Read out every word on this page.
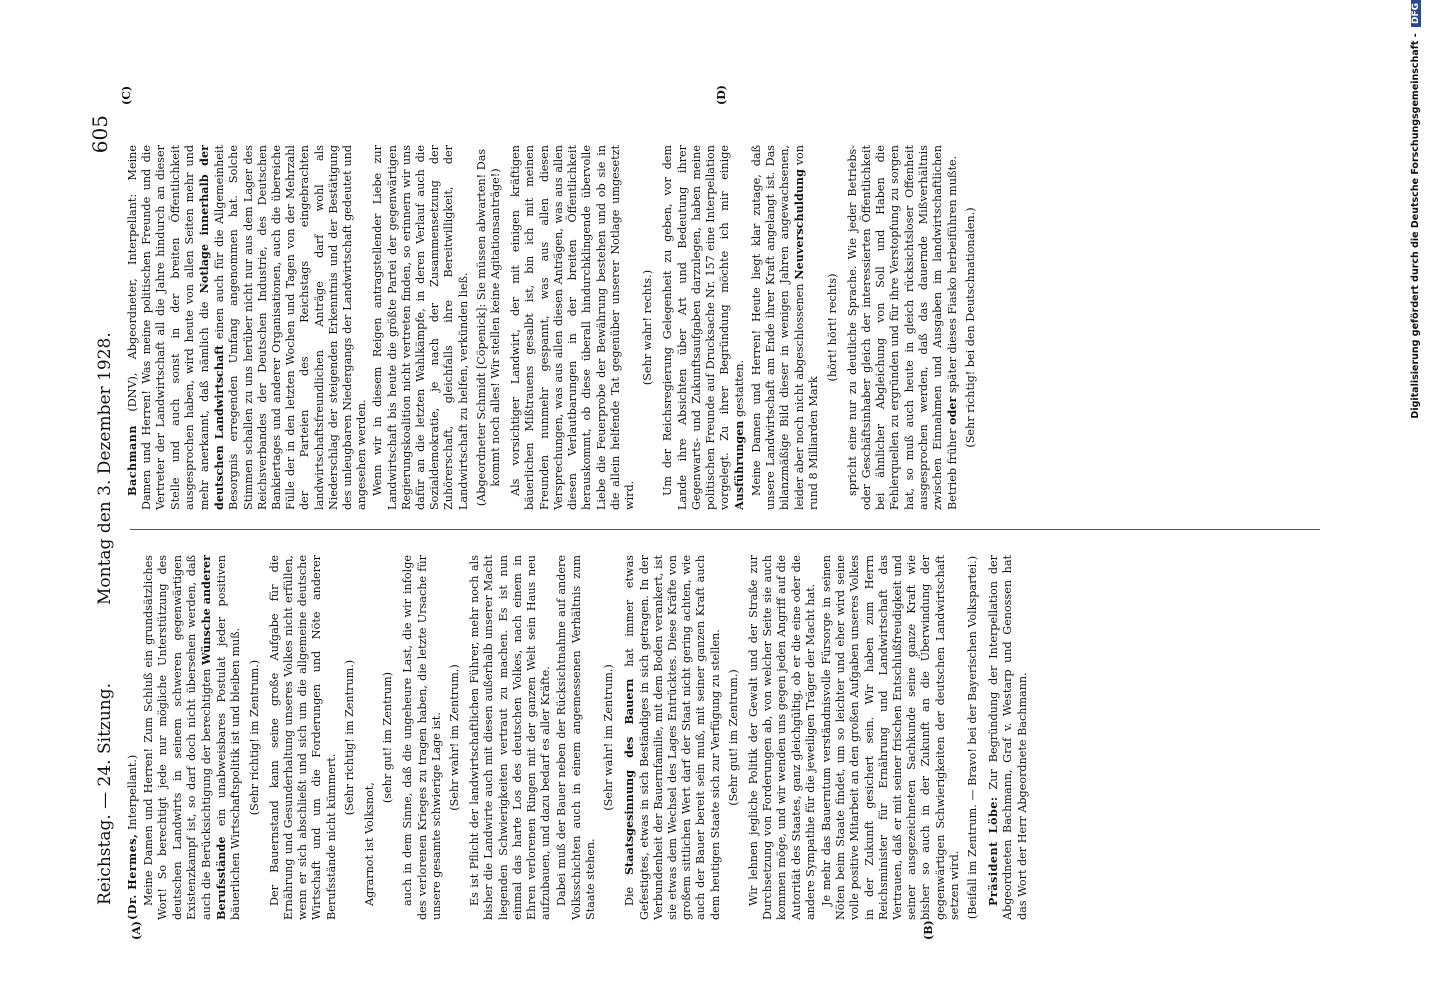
Reichstag. — 24. Sitzung.
Montag den 3. Dezember 1928.
605
(A)	(B)
(C)	(D)

(Dr. Hermes, Interpellant.) Meine Damen und Herren! Zum Schluß ein grundsätzliches Wort! So berechtigt jede nur mögliche Unterstützung des deutschen Landwirts in seinem schweren gegenwärtigen Existenzkampf ist, so darf doch nicht übersehen werden, daß auch die Berücksichtigung der berechtigten Wünsche anderer Berufsstände ein unabweisbares Postulat jeder positiven bäuerlichen Wirtschaftspolitik ist und bleiben muß. (Sehr richtig! im Zentrum.) Der Bauernstand kann seine große Aufgabe für die Ernährung und Gesunderhaltung unseres Volkes nicht erfüllen, wenn er sich abschließt und sich um die allgemeine deutsche Wirtschaft und um die Forderungen und Nöte anderer Berufsstände nicht kümmert.

(Sehr richtig! im Zentrum.)

Agrarnot ist Volksnot,

(sehr gut! im Zentrum) auch in dem Sinne, daß die ungeheure Last, die wir infolge des verlorenen Krieges zu tragen haben, die letzte Ursache für unsere gesamte schwierige Lage ist. (Sehr wahr! im Zentrum.) Es ist Pflicht der landwirtschaftlichen Führer, mehr noch als bisher die Landwirte auch mit diesen außerhalb unserer Macht liegenden Schwierigkeiten vertraut zu machen. Es ist nun einmal das harte Los des deutschen Volkes, nach einem in Ehren verlorenen Ringen mit der ganzen Welt sein Haus neu aufzubauen, und dazu bedarf es aller Kräfte. Dabei muß der Bauer neben der Rücksichtnahme auf andere Volksschichten auch in einem angemessenen Verhältnis zum Staate stehen.

(Sehr wahr! im Zentrum.)

Die Staatsgesinnung des Bauern hat immer etwas Gefestigtes, etwas in sich Beständiges in sich getragen. In der Verbundenheit der Bauernfamilie, mit dem Boden verankert, ist sie etwas dem Wechsel des Lages Entrücktes. Diese Kräfte von großem sittlichen Wert darf der Staat nicht gering achten, wie auch der Bauer bereit sein muß, mit seiner ganzen Kraft auch dem heutigen Staate sich zur Verfügung zu stellen. (Sehr gut! im Zentrum.) Wir lehnen jegliche Politik der Gewalt und der Straße zur Durchsetzung von Forderungen ab, von welcher Seite sie auch kommen möge, und wir wenden uns gegen jeden Angriff auf die Autorität des Staates, ganz gleichgültig, ob er die eine oder die andere Sympathie für die jeweiligen Träger der Macht hat. Je mehr das Bauerntum verständnisvolle Fürsorge in seinen Nöten beim Staate findet, um so leichter und eher wird seine volle positive Mitarbeit an den großen Aufgaben unseres Volkes in der Zukunft gesichert sein. Wir haben zum Herrn Reichsminister für Ernährung und Landwirtschaft das Vertrauen, daß er mit seiner frischen Entschlußfreudigkeit und seiner ausgezeichneten Sachkunde seine ganze Kraft wie bisher so auch in der Zukunft an die Überwindung der gegenwärtigen Schwierigkeiten der deutschen Landwirtschaft setzen wird. (Beifall im Zentrum. — Bravo! bei der Bayerischen Volkspartei.) Präsident Löbe: Zur Begründung der Interpellation der Abgeordneten Bachmann, Graf v. Westarp und Genossen hat das Wort der Herr Abgeordnete Bachmann.

Bachmann (DNV), Abgeordneter, Interpellant: Meine Damen und Herren! Was meine politischen Freunde und die Vertreter der Landwirtschaft all die Jahre hindurch an dieser Stelle und auch sonst in der breiten Öffentlichkeit ausgesprochen haben, wird heute von allen Seiten mehr und mehr anerkannt, daß nämlich die Notlage innerhalb der deutschen Landwirtschaft einen auch für die Allgemeinheit Besorgnis erregenden Umfang angenommen hat. Solche Stimmen schallen zu uns herüber nicht nur aus dem Lager des Reichsverbandes der Deutschen Industrie, des Deutschen Bankiertages und anderer Organisationen, auch die übereiche Fülle der in den letzten Wochen und Tagen von der Mehrzahl der Parteien des Reichstags eingebrachten landwirtschaftsfreundlichen Anträge darf wohl als Niederschlag der steigenden Erkenntnis und der Bestätigung des unleugbaren Niedergangs der Landwirtschaft gedeutet und angesehen werden. Wenn wir in diesem Reigen antragstellender Liebe zur Landwirtschaft bis heute die größte Partei der gegenwärtigen Regierungskoalition nicht vertreten finden, so erinnern wir uns dafür an die letzten Wahlkämpfe, in deren Verlauf auch die Sozialdemokratie, je nach der Zusammensetzung der Zuhörerschaft, gleichfalls ihre Bereitwilligkeit, der Landwirtschaft zu helfen, verkünden ließ. (Abgeordneter Schmidt [Cöpenick]: Sie müssen abwarten! Das kommt noch alles! Wir stellen keine Agitationsanträge!) Als vorsichtiger Landwirt, der mit einigen kräftigen bäuerlichen Mißtrauens gesalbt ist, bin ich mit meinen Freunden nunmehr gespannt, was aus allen diesen Versprechungen, was aus allen diesen Anträgen, was aus allen diesen Verlautbarungen in der breiten Öffentlichkeit herauskommt, ob diese überall hindurchklingende übervolle Liebe die Feuerprobe der Bewährung bestehen und ob sie in die allein helfende Tat gegenüber unserer Notlage umgesetzt wird.

(Sehr wahr! rechts.) Um der Reichsregierung Gelegenheit zu geben, vor dem Lande ihre Absichten über Art und Bedeutung ihrer Gegenwarts- und Zukunftsaufgaben darzulegen, haben meine politischen Freunde auf Drucksache Nr. 157 eine Interpellation vorgelegt. Zu ihrer Begründung möchte ich mir einige Ausführungen gestatten. Meine Damen und Herren! Heute liegt klar zutage, daß unsere Landwirtschaft am Ende ihrer Kraft angelangt ist. Das bilanzmäßige Bild dieser in wenigen Jahren angewachsenen, leider aber noch nicht abgeschlossenen Neuverschuldung von rund 8 Milliarden Mark

(hört! hört! rechts) spricht eine nur zu deutliche Sprache. Wie jeder Betriebs- oder Geschäftsinhaber gleich der interessierten Öffentlichkeit bei ähnlicher Abgleichung von Soll und Haben die Fehlerquellen zu ergründen und für ihre Verstopfung zu sorgen hat, so muß auch heute in gleich rücksichtsloser Offenheit ausgesprochen werden, daß das dauernde Mißverhältnis zwischen Einnahmen und Ausgaben im landwirtschaftlichen Betrieb früher oder später dieses Fiasko herbeiführen mußte. (Sehr richtig! bei den Deutschnationalen.)	Digitalisierung gefördert durch die Deutsche Forschungsgemeinschaft - DFG
